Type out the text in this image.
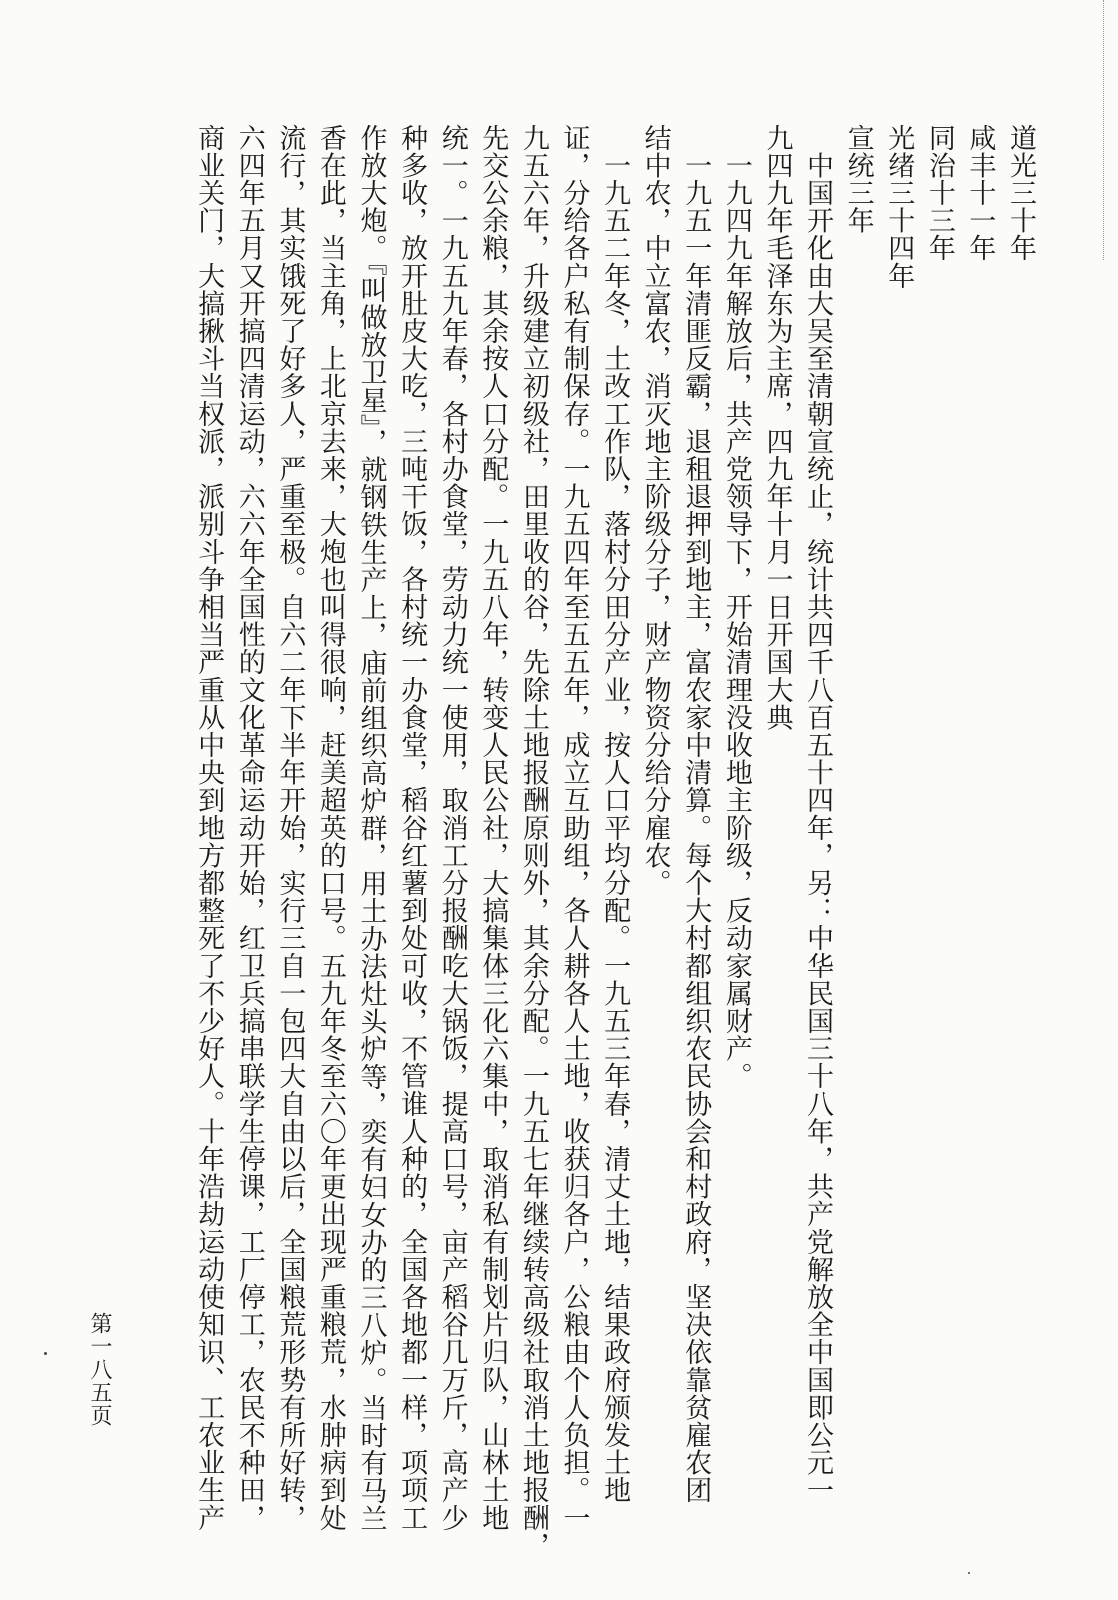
道光三十年
咸丰十一年
同治十三年
光绪三十四年
宣统三年
　中国开化由大吴至清朝宣统止，统计共四千八百五十四年，另：中华民国三十八年，共产党解放全中国即公元一
九四九年毛泽东为主席，四九年十月一日开国大典
　一九四九年解放后，共产党领导下，开始清理没收地主阶级，反动家属财产。
　一九五一年清匪反霸，退租退押到地主，富农家中清算。每个大村都组织农民协会和村政府，坚决依靠贫雇农团
结中农，中立富农，消灭地主阶级分子，财产物资分给分雇农。
　一九五二年冬，土改工作队，落村分田分产业，按人口平均分配。一九五三年春，清丈土地，结果政府颁发土地
证，分给各户私有制保存。一九五四年至五五年，成立互助组，各人耕各人土地，收获归各户，公粮由个人负担。一
九五六年，升级建立初级社，田里收的谷，先除土地报酬原则外，其余分配。一九五七年继续转高级社取消土地报酬，
先交公余粮，其余按人口分配。一九五八年，转变人民公社，大搞集体三化六集中，取消私有制划片归队，山林土地
统一。一九五九年春，各村办食堂，劳动力统一使用，取消工分报酬吃大锅饭，提高口号，亩产稻谷几万斤，高产少
种多收，放开肚皮大吃，三吨干饭，各村统一办食堂，稻谷红薯到处可收，不管谁人种的，全国各地都一样，项项工
作放大炮。『叫做放卫星』，就钢铁生产上，庙前组织高炉群，用土办法灶头炉等，奕有妇女办的三八炉。当时有马兰
香在此，当主角，上北京去来，大炮也叫得很响，赶美超英的口号。五九年冬至六〇年更出现严重粮荒，水肿病到处
流行，其实饿死了好多人，严重至极。自六二年下半年开始，实行三自一包四大自由以后，全国粮荒形势有所好转，
六四年五月又开搞四清运动，六六年全国性的文化革命运动开始，红卫兵搞串联学生停课，工厂停工，农民不种田，
商业关门，大搞揪斗当权派，派别斗争相当严重从中央到地方都整死了不少好人。十年浩劫运动使知识、工农业生产
第一八五页
